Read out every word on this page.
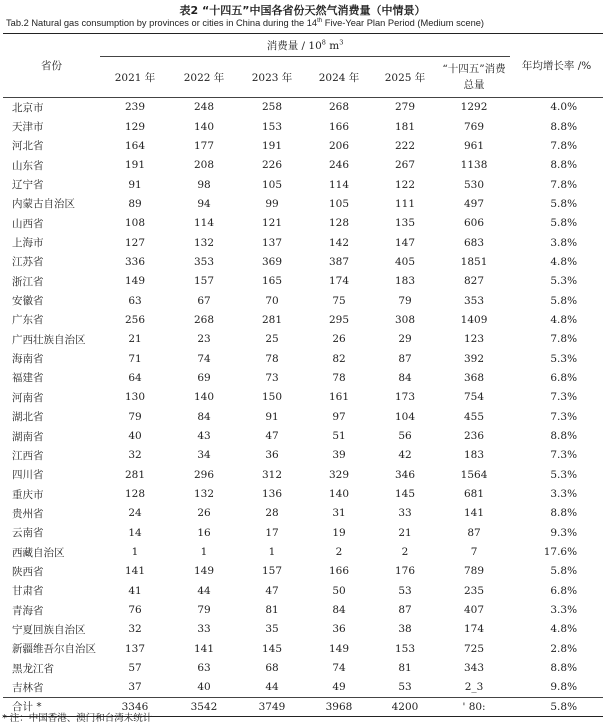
表2 “十四五”中国各省份天然气消费量（中情景）
Tab.2 Natural gas consumption by provinces or cities in China during the 14th Five-Year Plan Period (Medium scene)
省份	消费量 / $10^8$ $m^3$						年均增长率 /%
	2021 年	2022 年	2023 年	2024 年	2025 年	“十四五”消费总量	
北京市	239	248	258	268	279	1292	4.0%
天津市	129	140	153	166	181	769	8.8%
河北省	164	177	191	206	222	961	7.8%
山东省	191	208	226	246	267	1138	8.8%
辽宁省	91	98	105	114	122	530	7.8%
内蒙古自治区	89	94	99	105	111	497	5.8%
山西省	108	114	121	128	135	606	5.8%
上海市	127	132	137	142	147	683	3.8%
江苏省	336	353	369	387	405	1851	4.8%
浙江省	149	157	165	174	183	827	5.3%
安徽省	63	67	70	75	79	353	5.8%
广东省	256	268	281	295	308	1409	4.8%
广西壮族自治区	21	23	25	26	29	123	7.8%
海南省	71	74	78	82	87	392	5.3%
福建省	64	69	73	78	84	368	6.8%
河南省	130	140	150	161	173	754	7.3%
湖北省	79	84	91	97	104	455	7.3%
湖南省	40	43	47	51	56	236	8.8%
江西省	32	34	36	39	42	183	7.3%
四川省	281	296	312	329	346	1564	5.3%
重庆市	128	132	136	140	145	681	3.3%
贵州省	24	26	28	31	33	141	8.8%
云南省	14	16	17	19	21	87	9.3%
西藏自治区	1	1	1	2	2	7	17.6%
陕西省	141	149	157	166	176	789	5.8%
甘肃省	41	44	47	50	53	235	6.8%
青海省	76	79	81	84	87	407	3.3%
宁夏回族自治区	32	33	35	36	38	174	4.8%
新疆维吾尔自治区	137	141	145	149	153	725	2.8%
黑龙江省	57	63	68	74	81	343	8.8%
吉林省	37	40	44	49	53	2_3	9.8%
合计 *	3346	3542	3749	3968	4200	' 80:	5.8%
* 注：中国香港、澳门和台湾未统计
